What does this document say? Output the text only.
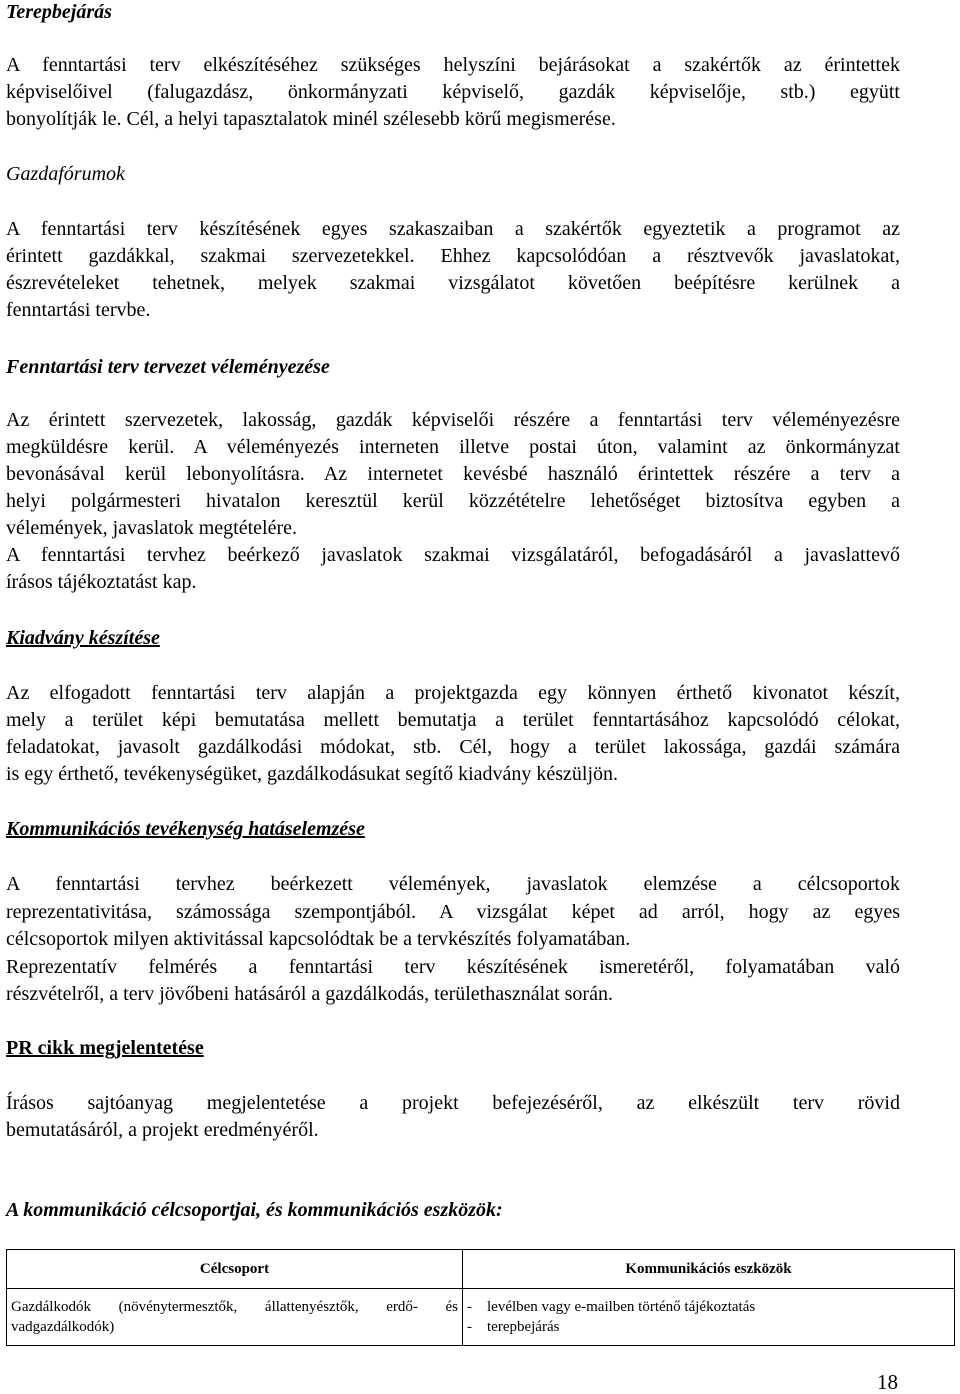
Terepbejárás
A fenntartási terv elkészítéséhez szükséges helyszíni bejárásokat a szakértők az érintettek
képviselőivel (falugazdász, önkormányzati képviselő, gazdák képviselője, stb.) együtt
bonyolítják le. Cél, a helyi tapasztalatok minél szélesebb körű megismerése.
Gazdafórumok
A fenntartási terv készítésének egyes szakaszaiban a szakértők egyeztetik a programot az
érintett gazdákkal, szakmai szervezetekkel. Ehhez kapcsolódóan a résztvevők javaslatokat,
észrevételeket tehetnek, melyek szakmai vizsgálatot követően beépítésre kerülnek a
fenntartási tervbe.
Fenntartási terv tervezet véleményezése
Az érintett szervezetek, lakosság, gazdák képviselői részére a fenntartási terv véleményezésre
megküldésre kerül. A véleményezés interneten illetve postai úton, valamint az önkormányzat
bevonásával kerül lebonyolításra. Az internetet kevésbé használó érintettek részére a terv a
helyi polgármesteri hivatalon keresztül kerül közzétételre lehetőséget biztosítva egyben a
vélemények, javaslatok megtételére.
A fenntartási tervhez beérkező javaslatok szakmai vizsgálatáról, befogadásáról a javaslattevő
írásos tájékoztatást kap.
Kiadvány készítése
Az elfogadott fenntartási terv alapján a projektgazda egy könnyen érthető kivonatot készít,
mely a terület képi bemutatása mellett bemutatja a terület fenntartásához kapcsolódó célokat,
feladatokat, javasolt gazdálkodási módokat, stb. Cél, hogy a terület lakossága, gazdái számára
is egy érthető, tevékenységüket, gazdálkodásukat segítő kiadvány készüljön.
Kommunikációs tevékenység hatáselemzése
A fenntartási tervhez beérkezett vélemények, javaslatok elemzése a célcsoportok
reprezentativitása, számossága szempontjából. A vizsgálat képet ad arról, hogy az egyes
célcsoportok milyen aktivitással kapcsolódtak be a tervkészítés folyamatában.
Reprezentatív felmérés a fenntartási terv készítésének ismeretéről, folyamatában való
részvételről, a terv jövőbeni hatásáról a gazdálkodás, területhasználat során.
PR cikk megjelentetése
Írásos sajtóanyag megjelentetése a projekt befejezéséről, az elkészült terv rövid
bemutatásáról, a projekt eredményéről.
A kommunikáció célcsoportjai, és kommunikációs eszközök:
Célcsoport	Kommunikációs eszközök
Gazdálkodók (növénytermesztők, állattenyésztők, erdő- és vadgazdálkodók)	- levélben vagy e-mailben történő tájékoztatás
- terepbejárás
18
